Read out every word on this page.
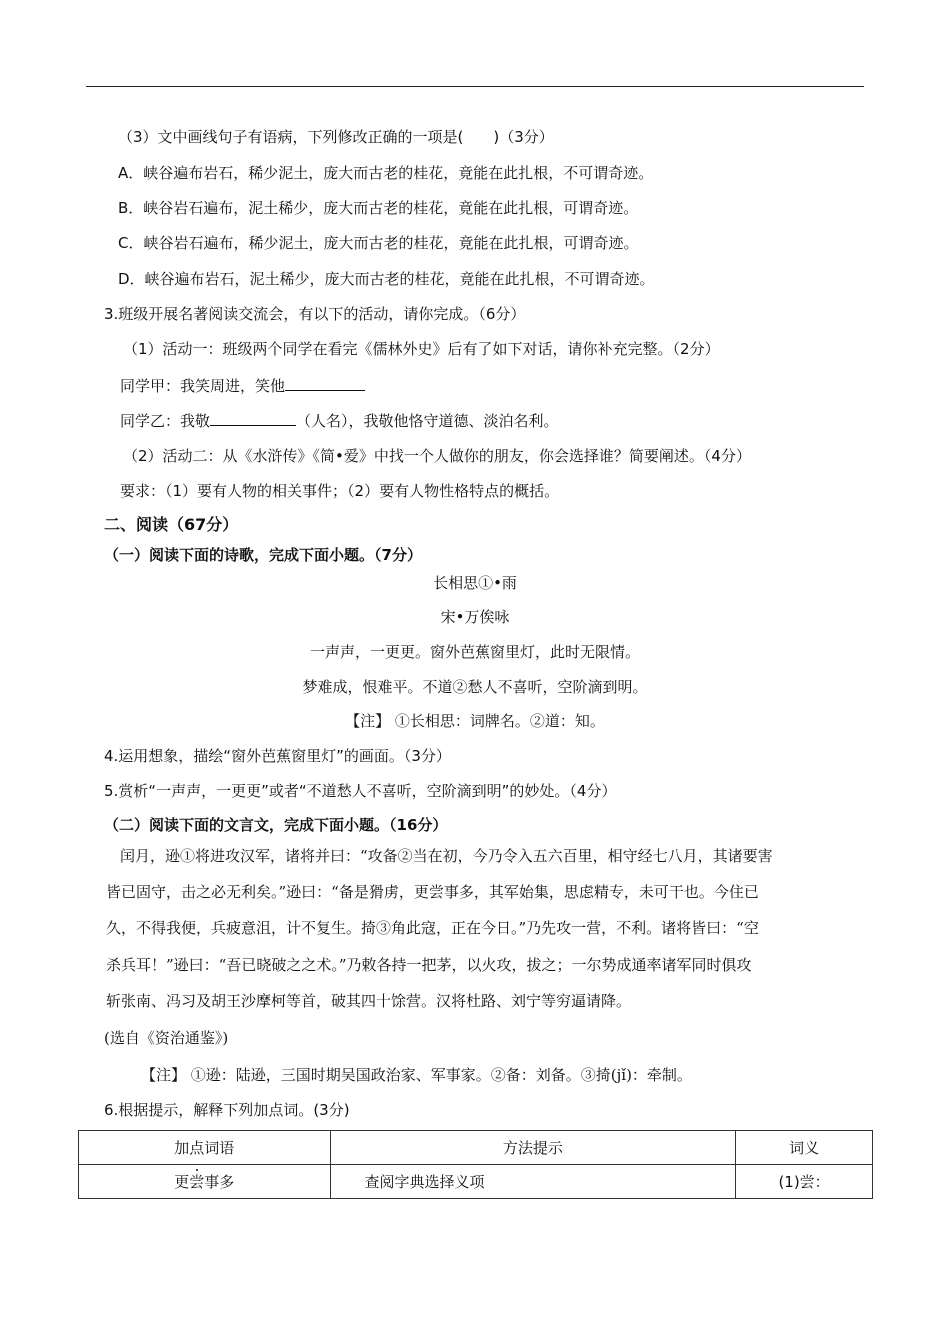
（3）文中画线句子有语病，下列修改正确的一项是(　　)（3分）
A．峡谷遍布岩石，稀少泥土，庞大而古老的桂花，竟能在此扎根，不可谓奇迹。
B．峡谷岩石遍布，泥土稀少，庞大而古老的桂花，竟能在此扎根，可谓奇迹。
C．峡谷岩石遍布，稀少泥土，庞大而古老的桂花，竟能在此扎根，可谓奇迹。
D．峡谷遍布岩石，泥土稀少，庞大而古老的桂花，竟能在此扎根，不可谓奇迹。
3.班级开展名著阅读交流会，有以下的活动，请你完成。（6分）
（1）活动一：班级两个同学在看完《儒林外史》后有了如下对话，请你补充完整。（2分）
同学甲：我笑周进，笑他
同学乙：我敬	（人名），我敬他恪守道德、淡泊名利。
（2）活动二：从《水浒传》《简•爱》中找一个人做你的朋友，你会选择谁？简要阐述。（4分）
要求：（1）要有人物的相关事件；（2）要有人物性格特点的概括。
二、阅读（67分）
（一）阅读下面的诗歌，完成下面小题。（7分）
长相思①•雨
宋•万俟咏
一声声，一更更。窗外芭蕉窗里灯，此时无限情。
梦难成，恨难平。不道②愁人不喜听，空阶滴到明。
【注】 ①长相思：词牌名。②道：知。
4.运用想象，描绘“窗外芭蕉窗里灯”的画面。（3分）
5.赏析“一声声，一更更”或者“不道愁人不喜听，空阶滴到明”的妙处。（4分）
（二）阅读下面的文言文，完成下面小题。（16分）
闰月，逊①将进攻汉军，诸将并曰：“攻备②当在初，今乃令入五六百里，相守经七八月，其诸要害
皆已固守，击之必无利矣。”逊曰：“备是猾虏，更尝事多，其军始集，思虑精专，未可干也。今住已
久，不得我便，兵疲意沮，计不复生。掎③角此寇，正在今日。”乃先攻一营，不利。诸将皆曰：“空
杀兵耳！”逊曰：“吾已晓破之之术。”乃敕各持一把茅，以火攻，拔之；一尔势成通率诸军同时俱攻
斩张南、冯习及胡王沙摩柯等首，破其四十馀营。汉将杜路、刘宁等穷逼请降。
(选自《资治通鉴》)
【注】 ①逊：陆逊，三国时期吴国政治家、军事家。②备：刘备。③掎(jǐ)：牵制。
6.根据提示，解释下列加点词。(3分)
加点词语	方法提示	词义
更尝事多	查阅字典选择义项	(1)尝：
